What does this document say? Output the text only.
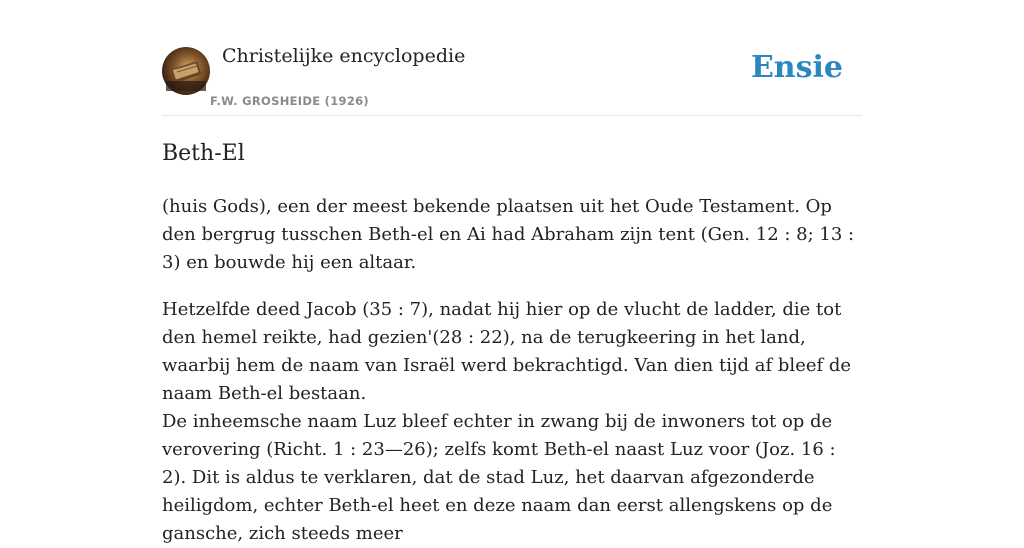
Christelijke encyclopedie
F.W. GROSHEIDE (1926)
Ensie
Beth-El

(huis Gods), een der meest bekende plaatsen uit het Oude Testament. Op den bergrug tusschen Beth-el en Ai had Abraham zijn tent (Gen. 12 : 8; 13 : 3) en bouwde hij een altaar.

Hetzelfde deed Jacob (35 : 7), nadat hij hier op de vlucht de ladder, die tot den hemel reikte, had gezien'(28 : 22), na de terugkeering in het land, waarbij hem de naam van Israël werd bekrachtigd. Van dien tijd af bleef de naam Beth-el bestaan.

De inheemsche naam Luz bleef echter in zwang bij de inwoners tot op de verovering (Richt. 1 : 23—26); zelfs komt Beth-el naast Luz voor (Joz. 16 : 2). Dit is aldus te verklaren, dat de stad Luz, het daarvan afgezonderde heiligdom, echter Beth-el heet en deze naam dan eerst allengskens op de gansche, zich steeds meer
